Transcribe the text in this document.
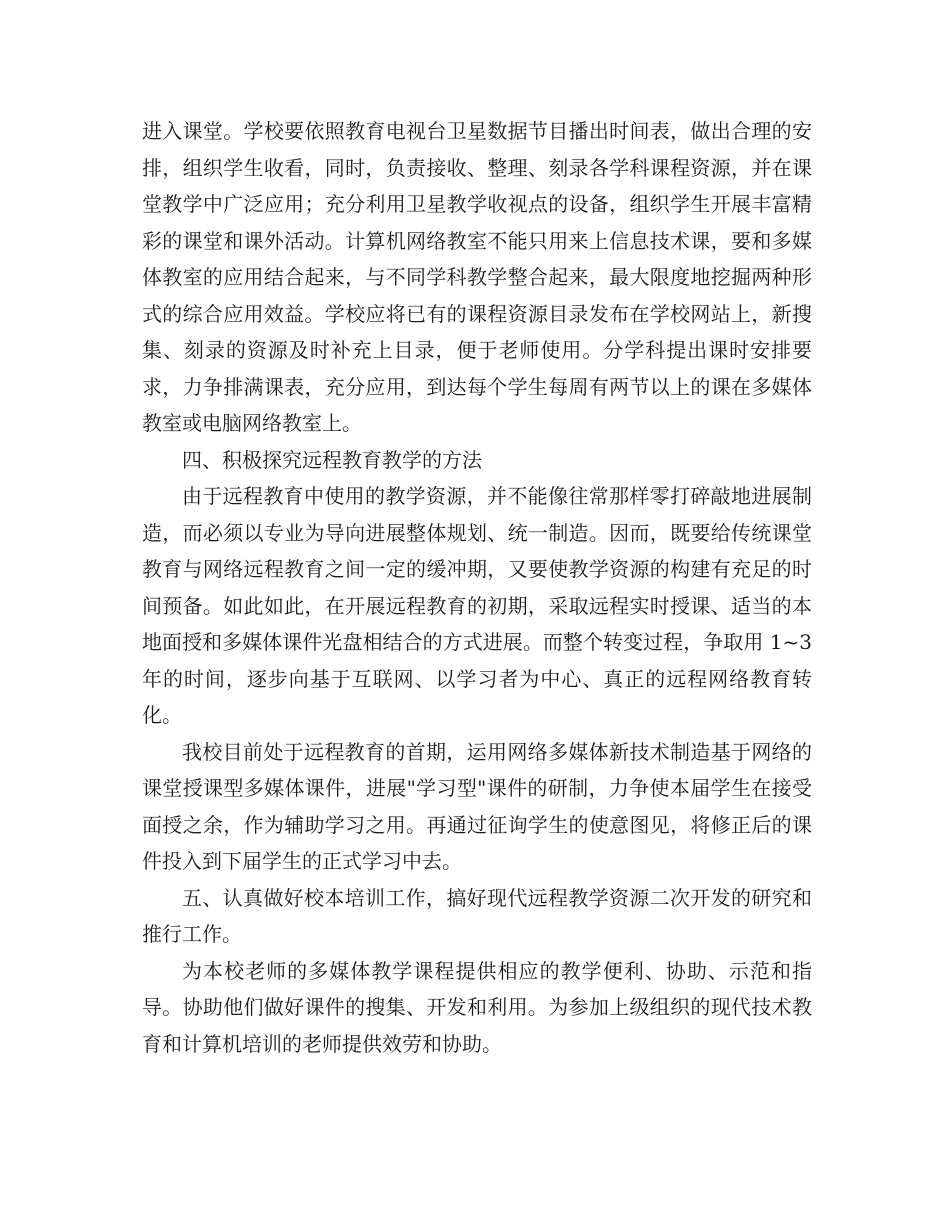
进入课堂。学校要依照教育电视台卫星数据节目播出时间表，做出合理的安排，组织学生收看，同时，负责接收、整理、刻录各学科课程资源，并在课堂教学中广泛应用；充分利用卫星教学收视点的设备，组织学生开展丰富精彩的课堂和课外活动。计算机网络教室不能只用来上信息技术课，要和多媒体教室的应用结合起来，与不同学科教学整合起来，最大限度地挖掘两种形式的综合应用效益。学校应将已有的课程资源目录发布在学校网站上，新搜集、刻录的资源及时补充上目录，便于老师使用。分学科提出课时安排要求，力争排满课表，充分应用，到达每个学生每周有两节以上的课在多媒体教室或电脑网络教室上。

四、积极探究远程教育教学的方法

由于远程教育中使用的教学资源，并不能像往常那样零打碎敲地进展制造，而必须以专业为导向进展整体规划、统一制造。因而，既要给传统课堂教育与网络远程教育之间一定的缓冲期，又要使教学资源的构建有充足的时间预备。如此如此，在开展远程教育的初期，采取远程实时授课、适当的本地面授和多媒体课件光盘相结合的方式进展。而整个转变过程，争取用 1~3 年的时间，逐步向基于互联网、以学习者为中心、真正的远程网络教育转化。

我校目前处于远程教育的首期，运用网络多媒体新技术制造基于网络的课堂授课型多媒体课件，进展"学习型"课件的研制，力争使本届学生在接受面授之余，作为辅助学习之用。再通过征询学生的使意图见，将修正后的课件投入到下届学生的正式学习中去。

五、认真做好校本培训工作，搞好现代远程教学资源二次开发的研究和推行工作。

为本校老师的多媒体教学课程提供相应的教学便利、协助、示范和指导。协助他们做好课件的搜集、开发和利用。为参加上级组织的现代技术教育和计算机培训的老师提供效劳和协助。
